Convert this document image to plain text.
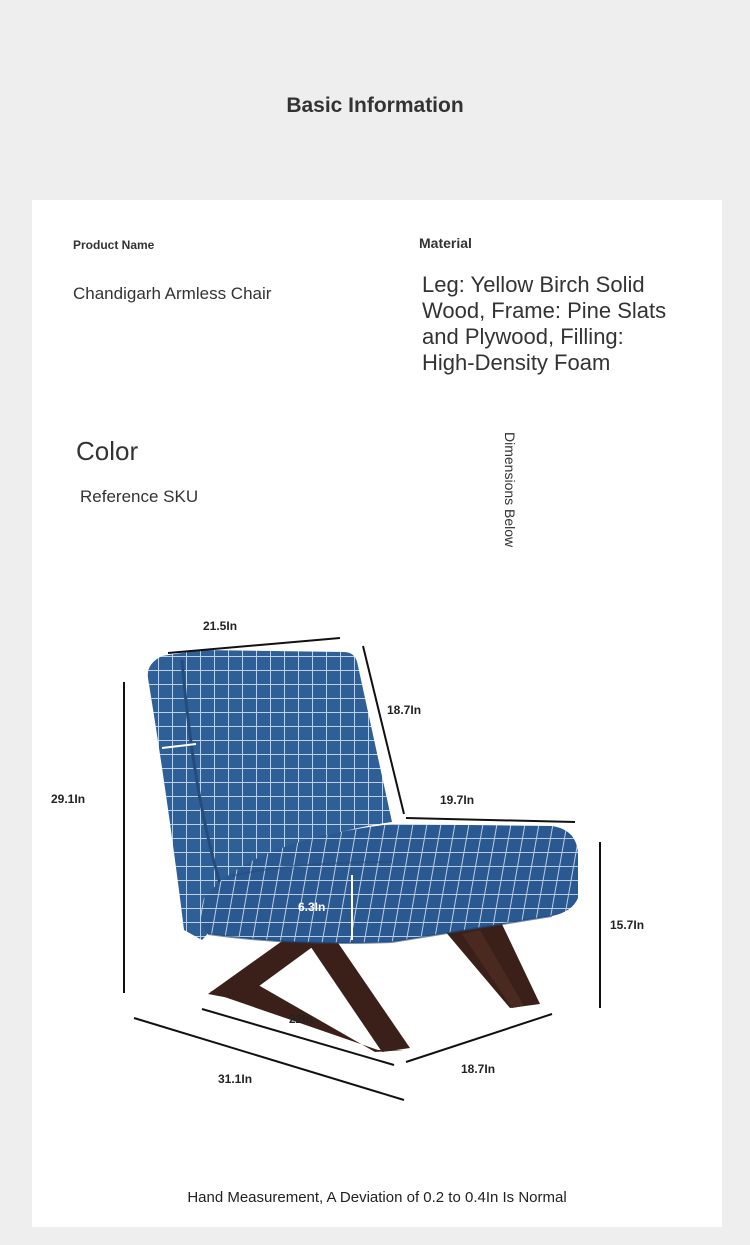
Basic Information
Product Name
Chandigarh Armless Chair
Material
Leg: Yellow Birch Solid Wood, Frame: Pine Slats and Plywood, Filling: High-Density Foam
Color
Reference SKU	Dimensions Below
21.5In
18.7In
29.1In	19.7In
6.3In
15.7In
22In
18.7In
31.1In
Hand Measurement, A Deviation of 0.2 to 0.4In Is Normal
